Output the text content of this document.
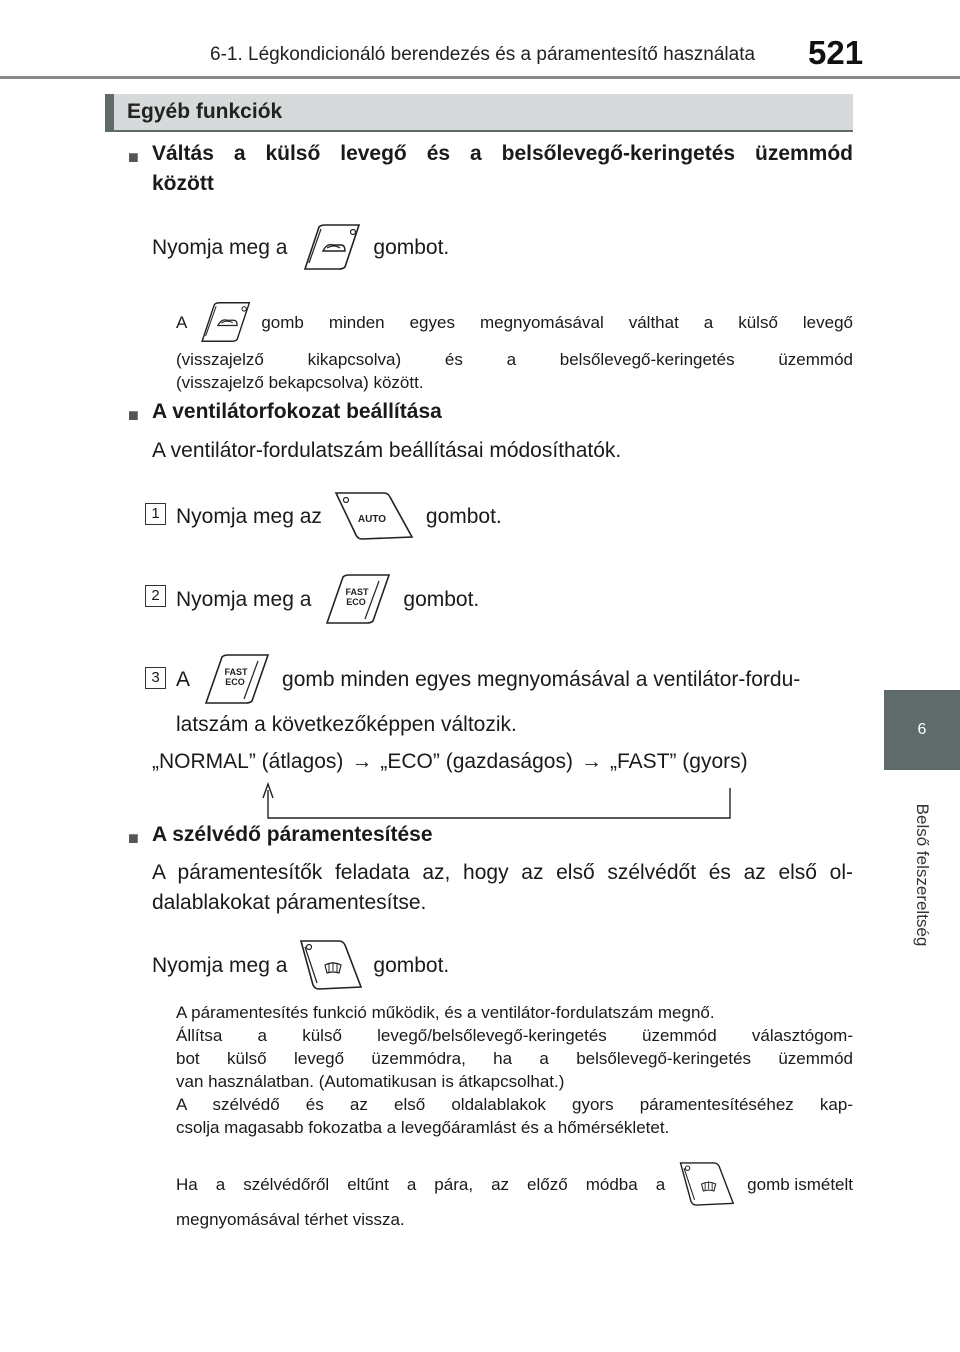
6-1. Légkondicionáló berendezés és a páramentesítő használata 521
6
Belső felszereltség
Egyéb funkciók
■ Váltás a külső levegő és a belsőlevegő-keringetés üzemmód
között
Nyomja meg a	gombot.
A	gomb minden egyes megnyomásával válthat a külső levegő
(visszajelző kikapcsolva) és a belsőlevegő-keringetés üzemmód
(visszajelző bekapcsolva) között.
■ A ventilátorfokozat beállítása
A ventilátor-fordulatszám beállításai módosíthatók.
1 Nyomja meg az	AUTO gombot.
2 Nyomja meg a	FAST
ECO gombot.
3 A	FAST
ECO gomb minden egyes megnyomásával a ventilátor-fordu-
latszám a következőképpen változik.
„NORMAL” (átlagos) → „ECO” (gazdaságos) → „FAST” (gyors)
■ A szélvédő páramentesítése
A páramentesítők feladata az, hogy az első szélvédőt és az első ol-
dalablakokat páramentesítse.
Nyomja meg a	gombot.
A páramentesítés funkció működik, és a ventilátor-fordulatszám megnő.
Állítsa a külső levegő/belsőlevegő-keringetés üzemmód választógom-
bot külső levegő üzemmódra, ha a belsőlevegő-keringetés üzemmód
van használatban. (Automatikusan is átkapcsolhat.)
A szélvédő és az első oldalablakok gyors páramentesítéséhez kap-
csolja magasabb fokozatba a levegőáramlást és a hőmérsékletet.
Ha a szélvédőről eltűnt a pára, az előző módba a	gomb ismételt
megnyomásával térhet vissza.
